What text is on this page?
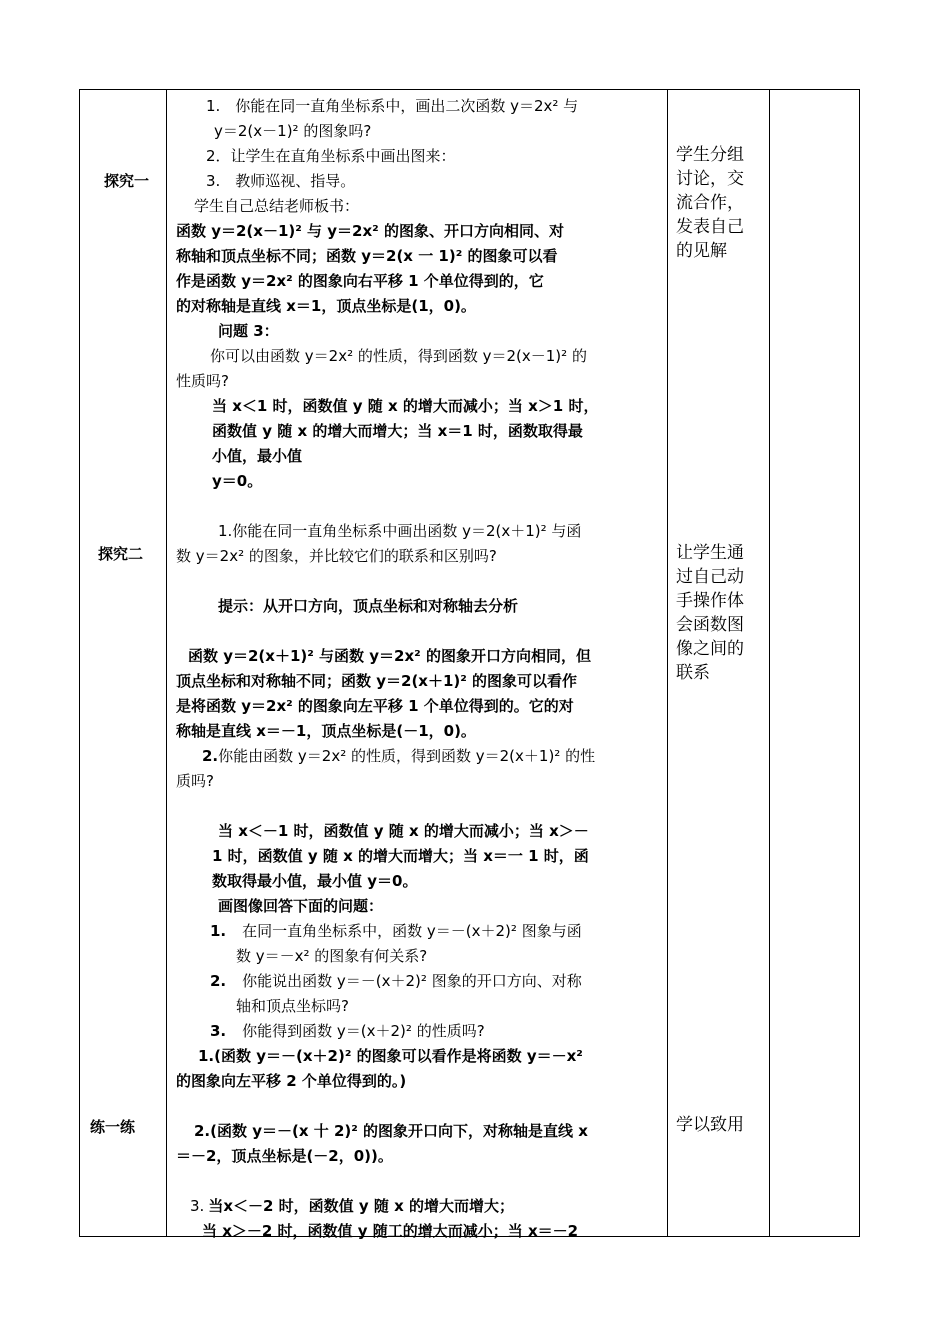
探究一
探究二
练一练
学生分组
讨论，交
流合作，
发表自己
的见解
让学生通
过自己动
手操作体
会函数图
像之间的
联系
学以致用
1.　你能在同一直角坐标系中，画出二次函数 y＝2x² 与
y＝2(x－1)² 的图象吗?
2．让学生在直角坐标系中画出图来：
3.　教师巡视、指导。
学生自己总结老师板书：
函数 y＝2(x－1)² 与 y＝2x² 的图象、开口方向相同、对
称轴和顶点坐标不同；函数 y＝2(x 一 1)² 的图象可以看
作是函数 y＝2x² 的图象向右平移 1 个单位得到的，它
的对称轴是直线 x＝1，顶点坐标是(1，0)。
问题 3：
你可以由函数 y＝2x² 的性质，得到函数 y＝2(x－1)² 的
性质吗?
当 x＜1 时，函数值 y 随 x 的增大而减小；当 x＞1 时，
函数值 y 随 x 的增大而增大；当 x＝1 时，函数取得最
小值，最小值
y＝0。
1.你能在同一直角坐标系中画出函数 y＝2(x＋1)² 与函
数 y＝2x² 的图象，并比较它们的联系和区别吗?
提示：从开口方向，顶点坐标和对称轴去分析
函数 y＝2(x＋1)² 与函数 y＝2x² 的图象开口方向相同，但
顶点坐标和对称轴不同；函数 y＝2(x＋1)² 的图象可以看作
是将函数 y＝2x² 的图象向左平移 1 个单位得到的。它的对
称轴是直线 x＝－1，顶点坐标是(－1，0)。
2.你能由函数 y＝2x² 的性质，得到函数 y＝2(x＋1)² 的性
质吗?
当 x＜－1 时，函数值 y 随 x 的增大而减小；当 x＞－
1 时，函数值 y 随 x 的增大而增大；当 x＝一 1 时，函
数取得最小值，最小值 y＝0。
画图像回答下面的问题：
1. 在同一直角坐标系中，函数 y＝－(x＋2)² 图象与函
数 y＝－x² 的图象有何关系?
2. 你能说出函数 y＝－(x＋2)² 图象的开口方向、对称
轴和顶点坐标吗?
3. 你能得到函数 y＝(x＋2)² 的性质吗?
1.(函数 y＝－(x＋2)² 的图象可以看作是将函数 y＝－x²
的图象向左平移 2 个单位得到的。)
2.(函数 y＝－(x 十 2)² 的图象开口向下，对称轴是直线 x
＝－2，顶点坐标是(－2，0))。
3. 当x＜－2 时，函数值 y 随 x 的增大而增大；
当 x＞－2 时，函数值 y 随工的增大而减小；当 x＝－2
